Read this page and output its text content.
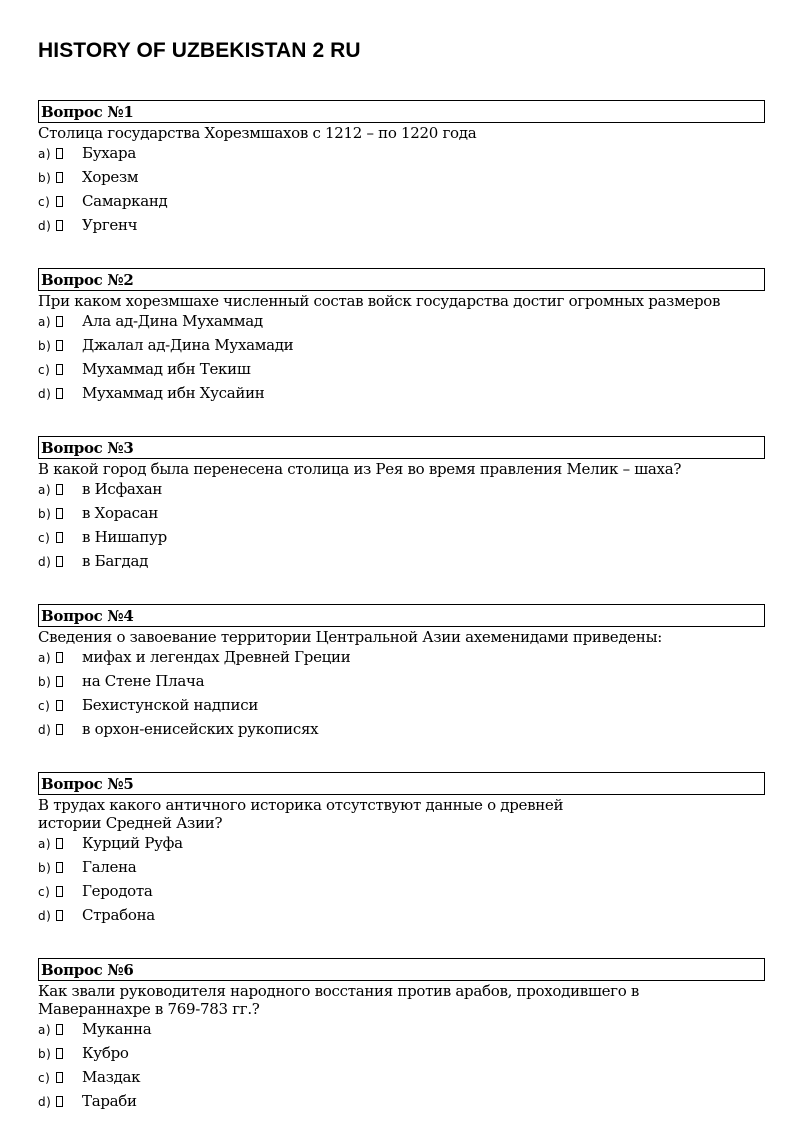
HISTORY OF UZBEKISTAN 2 RU
Вопрос №1
Столица государства Хорезмшахов с 1212 – по 1220 года
a) Бухара
b) Хорезм
c) Самарканд
d) Ургенч
Вопрос №2
При каком хорезмшахе численный состав войск государства достиг огромных размеров
a) Ала ад-Дина Мухаммад
b) Джалал ад-Дина Мухамади
c) Мухаммад ибн Текиш
d) Мухаммад ибн Хусайин
Вопрос №3
В какой город была перенесена столица из Рея во время правления Мелик – шаха?
a) в Исфахан
b) в Хорасан
c) в Нишапур
d) в Багдад
Вопрос №4
Сведения о завоевание территории Центральной Азии ахеменидами приведены:
a) мифах и легендах Древней Греции
b) на Стене Плача
c) Бехистунской надписи
d) в орхон-енисейских рукописях
Вопрос №5
В трудах какого античного историка отсутствуют данные о древней
истории Средней Азии?
a) Курций Руфа
b) Галена
c) Геродота
d) Страбона
Вопрос №6
Как звали руководителя народного восстания против арабов, проходившего в
Мавераннахре в 769-783 гг.?
a) Муканна
b) Кубро
c) Маздак
d) Тараби
